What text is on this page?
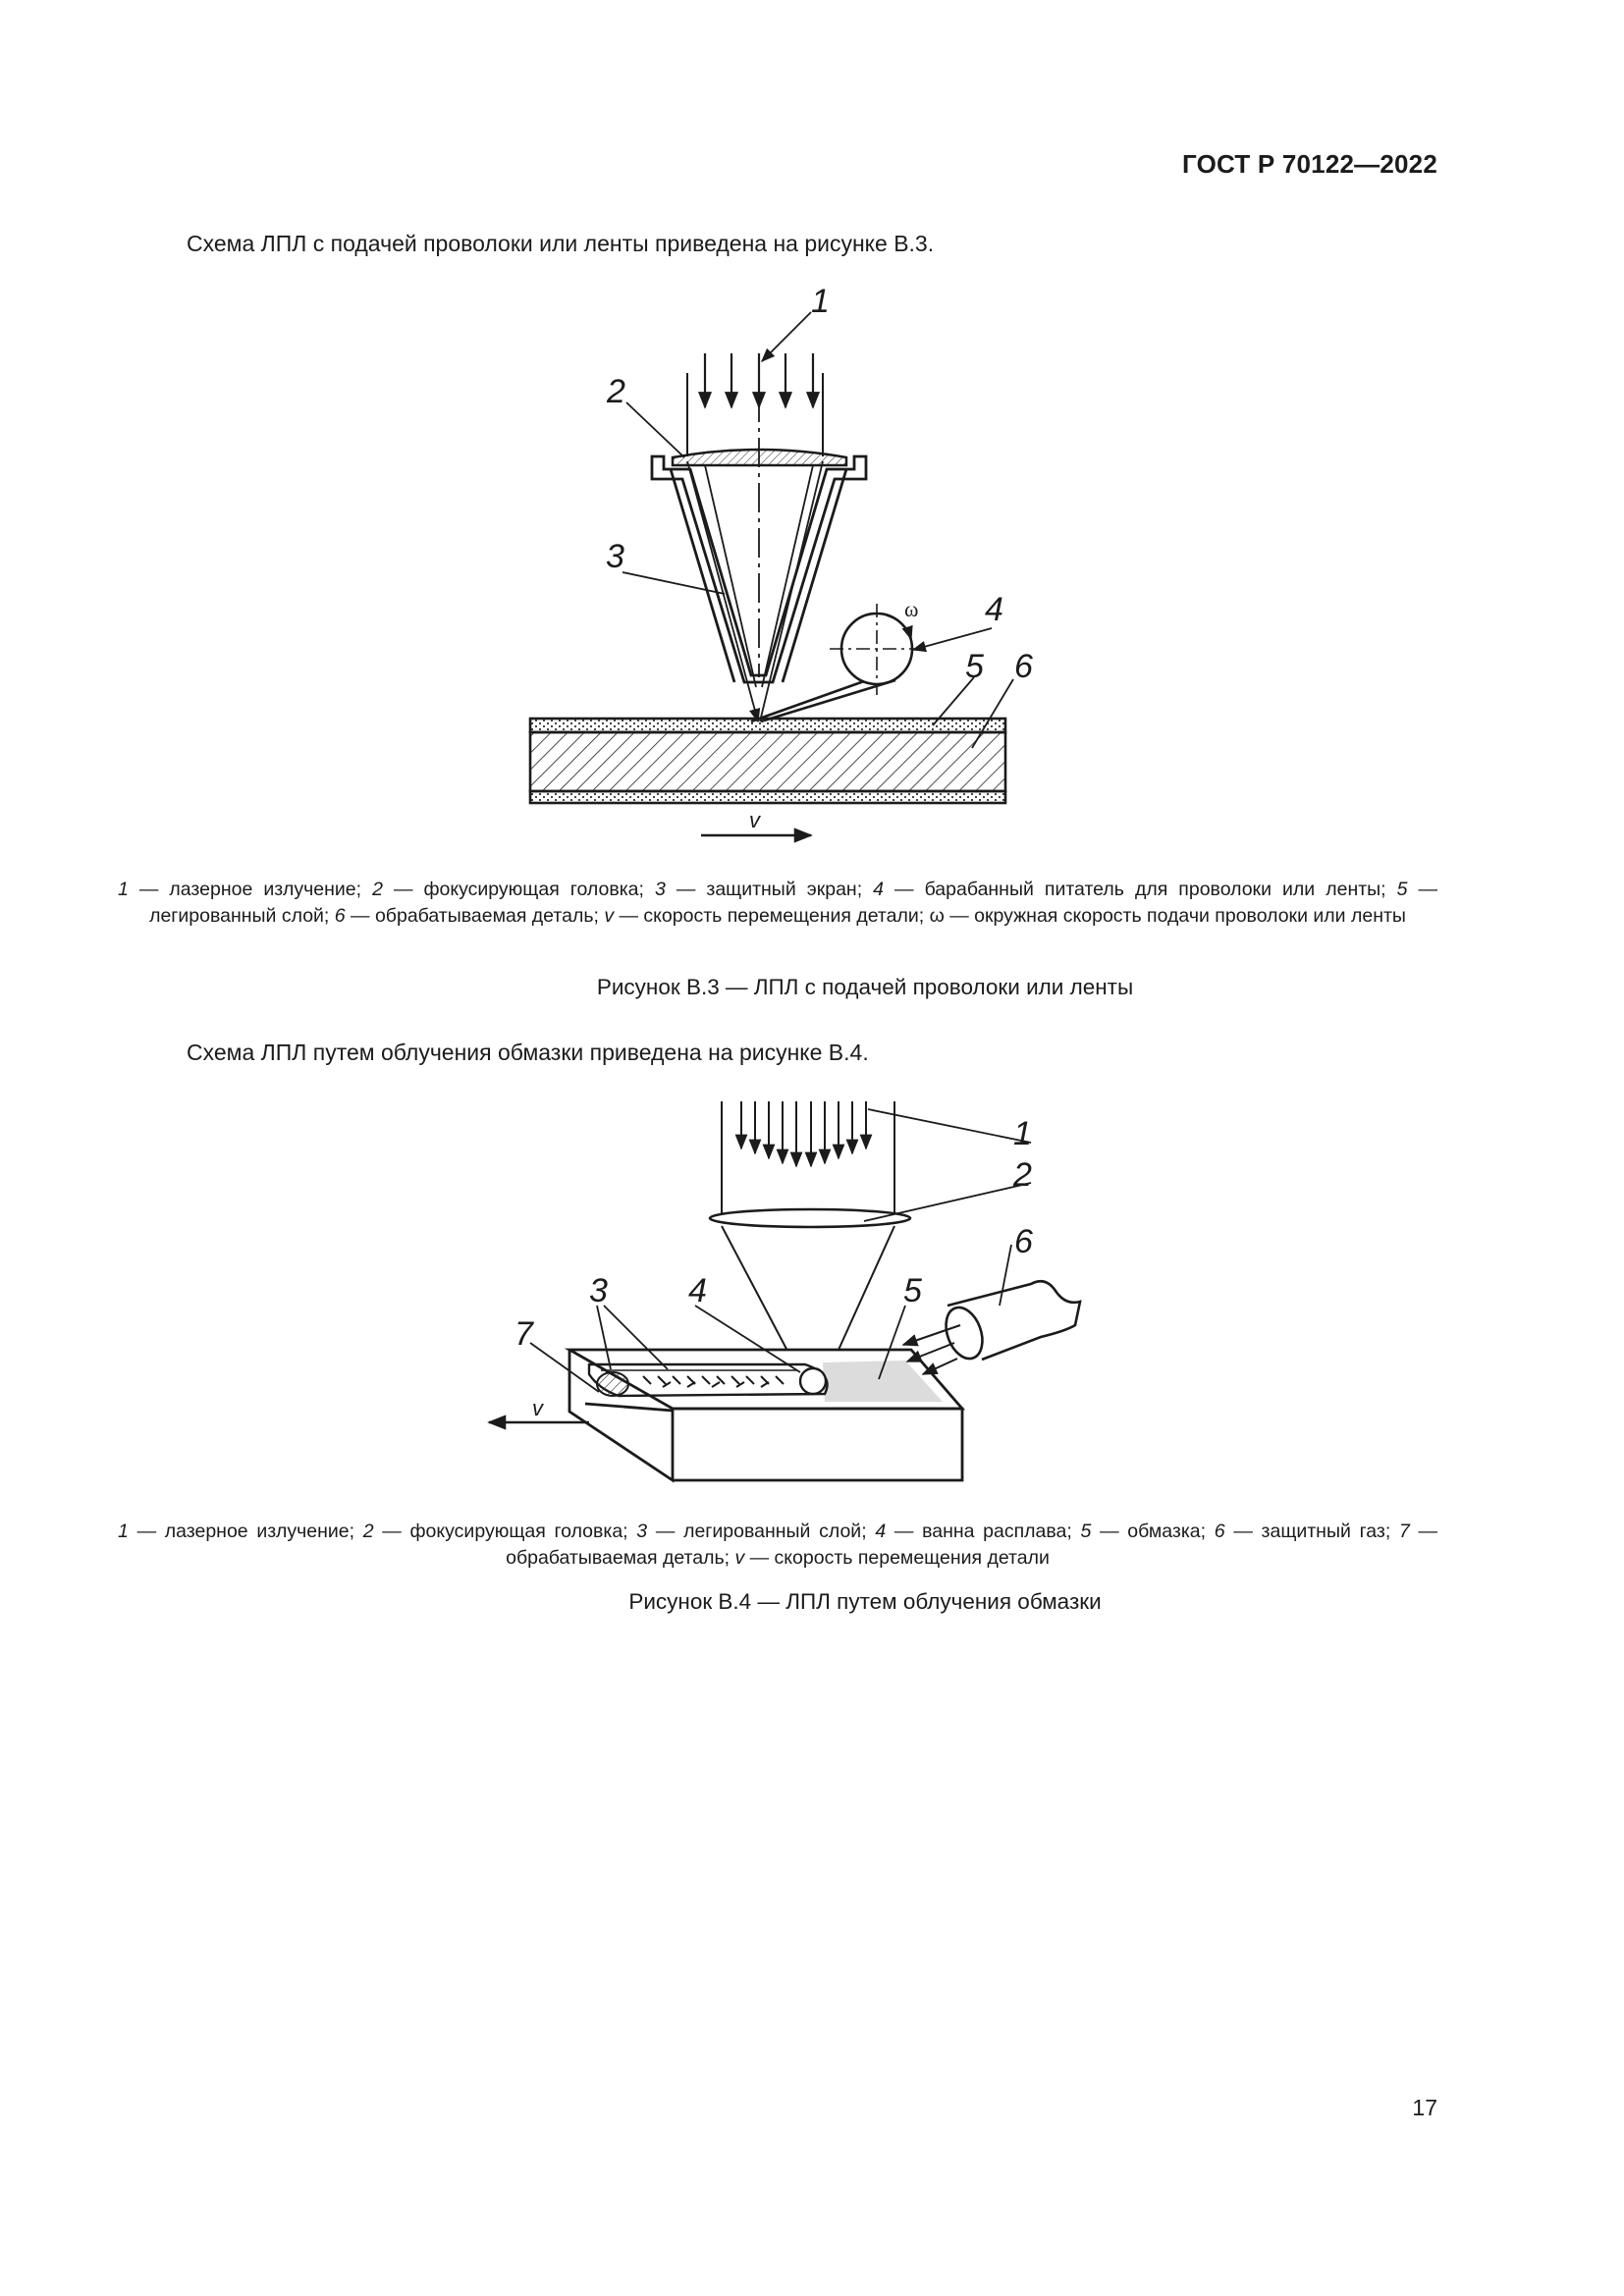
ГОСТ Р 70122—2022
Схема ЛПЛ с подачей проволоки или ленты приведена на рисунке В.3.
1
2
3
4
5 6
ω
v
1 — лазерное излучение; 2 — фокусирующая головка; 3 — защитный экран; 4 — барабанный питатель для проволоки или ленты; 5 — легированный слой; 6 — обрабатываемая деталь; v — скорость перемещения детали; ω — окружная скорость подачи проволоки или ленты
Рисунок В.3 — ЛПЛ с подачей проволоки или ленты
Схема ЛПЛ путем облучения обмазки приведена на рисунке В.4.
1
2
6
3 4	5
7
v
1 — лазерное излучение; 2 — фокусирующая головка; 3 — легированный слой; 4 — ванна расплава; 5 — обмазка; 6 — защитный газ; 7 — обрабатываемая деталь; v — скорость перемещения детали
Рисунок В.4 — ЛПЛ путем облучения обмазки
17
